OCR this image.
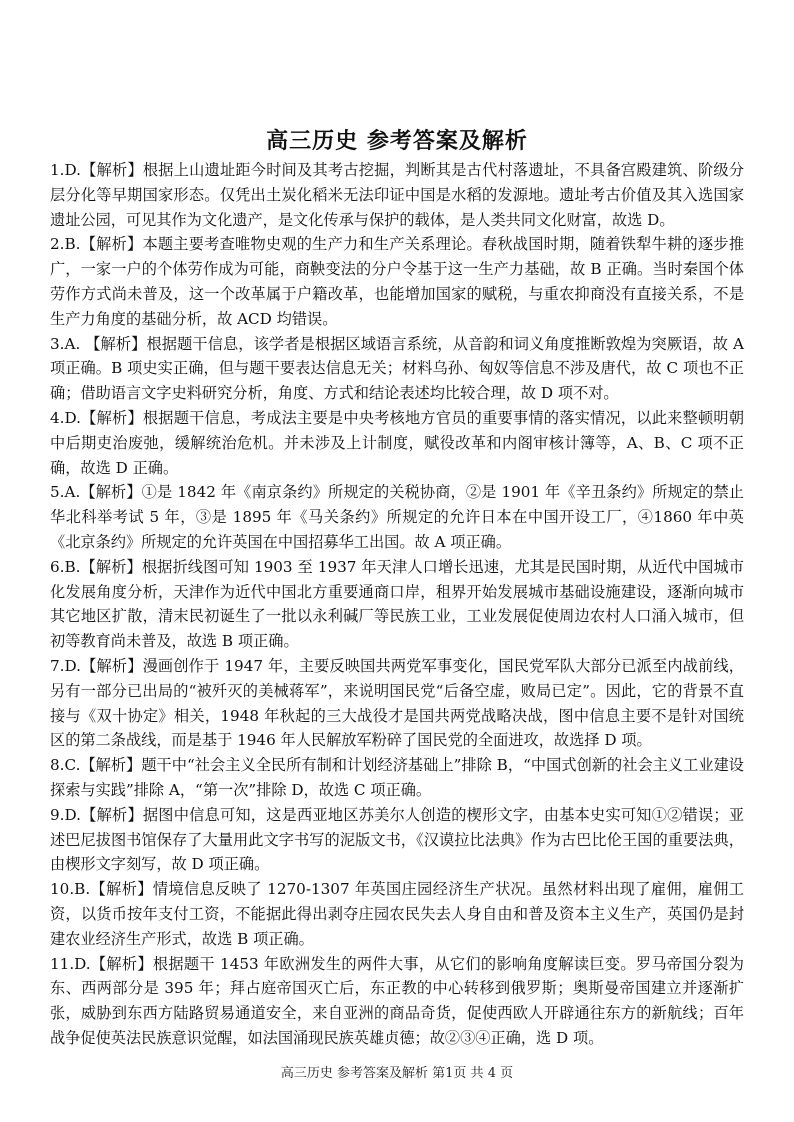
高三历史 参考答案及解析

1.D.【解析】根据上山遗址距今时间及其考古挖掘，判断其是古代村落遗址，不具备宫殿建筑、阶级分层分化等早期国家形态。仅凭出土炭化稻米无法印证中国是水稻的发源地。遗址考古价值及其入选国家遗址公园，可见其作为文化遗产，是文化传承与保护的载体，是人类共同文化财富，故选 D。

2.B.【解析】本题主要考查唯物史观的生产力和生产关系理论。春秋战国时期，随着铁犁牛耕的逐步推广，一家一户的个体劳作成为可能，商鞅变法的分户令基于这一生产力基础，故 B 正确。当时秦国个体劳作方式尚未普及，这一个改革属于户籍改革，也能增加国家的赋税，与重农抑商没有直接关系，不是生产力角度的基础分析，故 ACD 均错误。

3.A. 【解析】根据题干信息，该学者是根据区域语言系统，从音韵和词义角度推断敦煌为突厥语，故 A 项正确。B 项史实正确，但与题干要表达信息无关；材料乌孙、匈奴等信息不涉及唐代，故 C 项也不正确；借助语言文字史料研究分析，角度、方式和结论表述均比较合理，故 D 项不对。

4.D.【解析】根据题干信息，考成法主要是中央考核地方官员的重要事情的落实情况，以此来整顿明朝中后期吏治废弛，缓解统治危机。并未涉及上计制度，赋役改革和内阁审核计簿等，A、B、C 项不正确，故选 D 正确。

5.A.【解析】①是 1842 年《南京条约》所规定的关税协商，②是 1901 年《辛丑条约》所规定的禁止华北科举考试 5 年，③是 1895 年《马关条约》所规定的允许日本在中国开设工厂，④1860 年中英《北京条约》所规定的允许英国在中国招募华工出国。故 A 项正确。

6.B.【解析】根据折线图可知 1903 至 1937 年天津人口增长迅速，尤其是民国时期，从近代中国城市化发展角度分析，天津作为近代中国北方重要通商口岸，租界开始发展城市基础设施建设，逐渐向城市其它地区扩散，清末民初诞生了一批以永利碱厂等民族工业，工业发展促使周边农村人口涌入城市，但初等教育尚未普及，故选 B 项正确。

7.D.【解析】漫画创作于 1947 年，主要反映国共两党军事变化，国民党军队大部分已派至内战前线，另有一部分已出局的“被歼灭的美械蒋军”，来说明国民党“后备空虚，败局已定”。因此，它的背景不直接与《双十协定》相关，1948 年秋起的三大战役才是国共两党战略决战，图中信息主要不是针对国统区的第二条战线，而是基于 1946 年人民解放军粉碎了国民党的全面进攻，故选择 D 项。

8.C.【解析】题干中“社会主义全民所有制和计划经济基础上”排除 B，“中国式创新的社会主义工业建设探索与实践”排除 A，“第一次”排除 D，故选 C 项正确。

9.D.【解析】据图中信息可知，这是西亚地区苏美尔人创造的楔形文字，由基本史实可知①②错误；亚述巴尼拔图书馆保存了大量用此文字书写的泥版文书，《汉谟拉比法典》作为古巴比伦王国的重要法典，由楔形文字刻写，故 D 项正确。

10.B.【解析】情境信息反映了 1270-1307 年英国庄园经济生产状况。虽然材料出现了雇佣，雇佣工资，以货币按年支付工资，不能据此得出剥夺庄园农民失去人身自由和普及资本主义生产，英国仍是封建农业经济生产形式，故选 B 项正确。

11.D.【解析】根据题干 1453 年欧洲发生的两件大事，从它们的影响角度解读巨变。罗马帝国分裂为东、西两部分是 395 年；拜占庭帝国灭亡后，东正教的中心转移到俄罗斯；奥斯曼帝国建立并逐渐扩张，威胁到东西方陆路贸易通道安全，来自亚洲的商品奇货，促使西欧人开辟通往东方的新航线；百年战争促使英法民族意识觉醒，如法国涌现民族英雄贞德；故②③④正确，选 D 项。

高三历史 参考答案及解析 第1页 共 4 页
